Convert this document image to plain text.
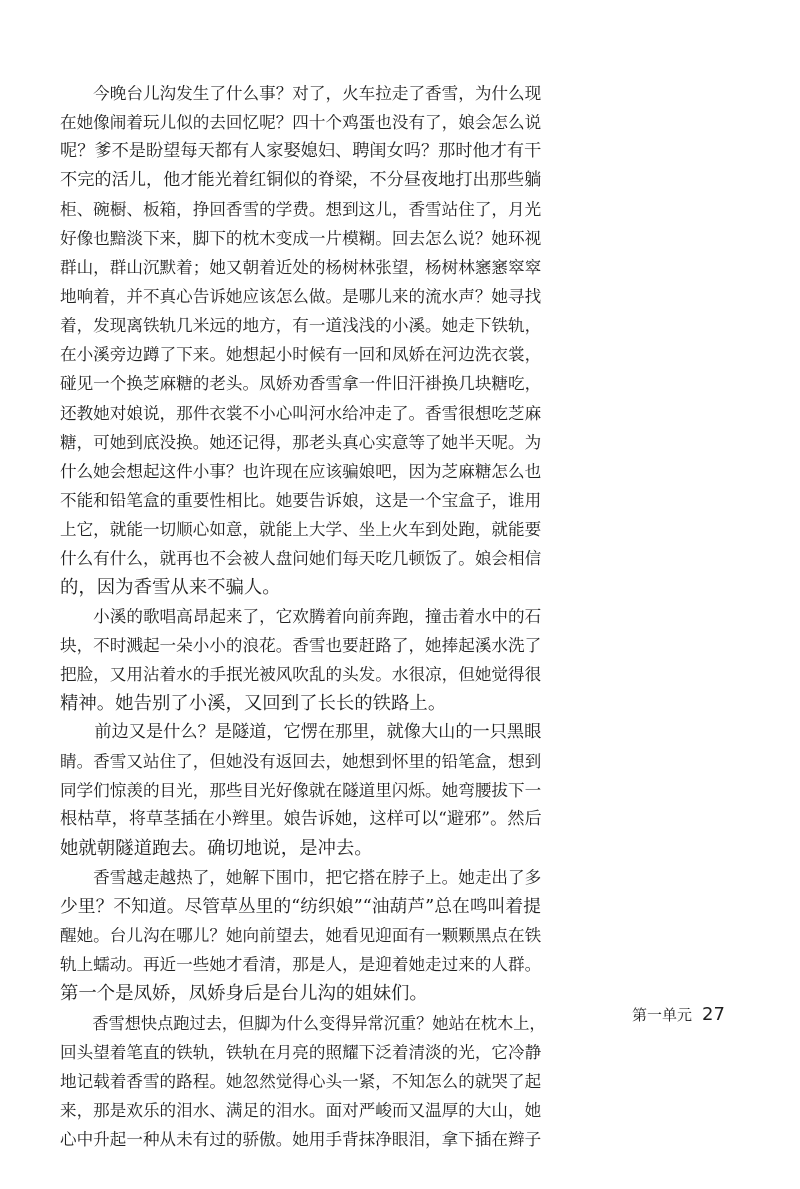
　　今晚台儿沟发生了什么事？对了，火车拉走了香雪，为什么现
在她像闹着玩儿似的去回忆呢？四十个鸡蛋也没有了，娘会怎么说
呢？爹不是盼望每天都有人家娶媳妇、聘闺女吗？那时他才有干
不完的活儿，他才能光着红铜似的脊梁，不分昼夜地打出那些躺
柜、碗橱、板箱，挣回香雪的学费。想到这儿，香雪站住了，月光
好像也黯淡下来，脚下的枕木变成一片模糊。回去怎么说？她环视
群山，群山沉默着；她又朝着近处的杨树林张望，杨树林窸窸窣窣
地响着，并不真心告诉她应该怎么做。是哪儿来的流水声？她寻找
着，发现离铁轨几米远的地方，有一道浅浅的小溪。她走下铁轨，
在小溪旁边蹲了下来。她想起小时候有一回和凤娇在河边洗衣裳，
碰见一个换芝麻糖的老头。凤娇劝香雪拿一件旧汗褂换几块糖吃，
还教她对娘说，那件衣裳不小心叫河水给冲走了。香雪很想吃芝麻
糖，可她到底没换。她还记得，那老头真心实意等了她半天呢。为
什么她会想起这件小事？也许现在应该骗娘吧，因为芝麻糖怎么也
不能和铅笔盒的重要性相比。她要告诉娘，这是一个宝盒子，谁用
上它，就能一切顺心如意，就能上大学、坐上火车到处跑，就能要
什么有什么，就再也不会被人盘问她们每天吃几顿饭了。娘会相信
的，因为香雪从来不骗人。
　　小溪的歌唱高昂起来了，它欢腾着向前奔跑，撞击着水中的石
块，不时溅起一朵小小的浪花。香雪也要赶路了，她捧起溪水洗了
把脸，又用沾着水的手抿光被风吹乱的头发。水很凉，但她觉得很
精神。她告别了小溪，又回到了长长的铁路上。
　　前边又是什么？是隧道，它愣在那里，就像大山的一只黑眼
睛。香雪又站住了，但她没有返回去，她想到怀里的铅笔盒，想到
同学们惊羡的目光，那些目光好像就在隧道里闪烁。她弯腰拔下一
根枯草，将草茎插在小辫里。娘告诉她，这样可以“避邪”。然后
她就朝隧道跑去。确切地说，是冲去。
　　香雪越走越热了，她解下围巾，把它搭在脖子上。她走出了多
少里？不知道。尽管草丛里的“纺织娘”“油葫芦”总在鸣叫着提
醒她。台儿沟在哪儿？她向前望去，她看见迎面有一颗颗黑点在铁
轨上蠕动。再近一些她才看清，那是人，是迎着她走过来的人群。
第一个是凤娇，凤娇身后是台儿沟的姐妹们。
　　香雪想快点跑过去，但脚为什么变得异常沉重？她站在枕木上，
回头望着笔直的铁轨，铁轨在月亮的照耀下泛着清淡的光，它冷静
地记载着香雪的路程。她忽然觉得心头一紧，不知怎么的就哭了起
来，那是欢乐的泪水、满足的泪水。面对严峻而又温厚的大山，她
心中升起一种从未有过的骄傲。她用手背抹净眼泪，拿下插在辫子
第一单元 27
